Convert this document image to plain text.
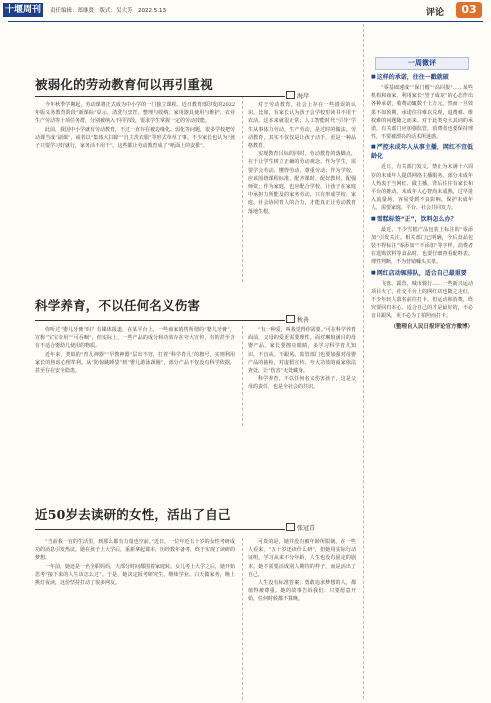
十堰周刊	责任编辑：郑继贤　版式：吴大芳　2022.5.13	评论	03
被弱化的劳动教育何以再引重视
海岸

今年秋季学期起，劳动课将正式成为中小学的一门独立课程。近日教育部印发的2022年版义务教育阶段“新课标”显示，清洗与烹饪、整理与收纳、家用器具使用与维护、农业生产劳动等十项任务群，分别被纳入不同学段，要求学生掌握一定的劳动技能。

此前，我国中小学就有劳动教育，不过一直存在被边缘化、弱化等问题，很多学校把劳动课当成“副课”，或者以“集体大扫除”“自主洗衣服”等形式草草了事。不少家长也认为“孩子只要学习好就行，家务活不用干”。这些都让劳动教育成了“纸面上的安排”。

对于劳动教育，社会上存在一些错误的认识。比如，有家长认为孩子会学校里读书不用干农活，这本来就很正常；人工智能时代“引导”学生从事体力劳动，生产劳动，是过时的做法。劳动教育，其实不仅仅是让孩子动手，更是一种品格教育。

实现教育目标的同时，劳动教育的落脚点，在于让学生树立正确的劳动观念。作为学生，需要学会劳动、懂得劳动、尊重劳动；作为学校，应该围绕课程标准，配齐课时、配好教材、配强师资；作为家庭，也应配合学校，让孩子在家庭中承担力所能及的家务劳动。只有形成学校、家庭、社会协同育人的合力，才能真正让劳动教育落地生根。

科学养育，不以任何名义伤害
秋善

你听过“婴儿牙膏”吗？有媒体报道，在某平台上，一些商家销售所谓的“婴儿牙膏”，宣称“宝宝专用”“可吞咽”，但实际上，一些产品的成分和功效存在夸大宣传，有的甚至含有不适合婴幼儿使用的物质。

近年来，类似的“育儿神器”“早教神器”层出不穷，打着“科学育儿”的旗号，实则利用家长的焦虑心理牟利。从“防惊跳睡袋”到“婴儿游泳颈圈”，部分产品不仅没有科学依据，甚至存在安全隐患。

“有一种爱，叫我觉得你需要。”可在科学养育面前，父母的爱更需要理性。面对琳琅满目的母婴产品，家长要擦亮眼睛，多学习科学育儿知识，不盲从、不跟风。监管部门也要加强对母婴产品的抽检，对虚假宣传、夸大功效的商家依法查处，让“伤害”无处藏身。

科学养育，不以任何名义伤害孩子，这是父母的责任，也是全社会的共识。

近50岁去读研的女性，活出了自己
张冠青

“当前我一官的生活里，到那么都有力量也空前。”近日，一位年近五十岁的女性考研成功的消息引发热议。她在孩子上大学后，重新拿起课本，历经数年备考，终于实现了读研的梦想。

一年前，她还是一名全职妈妈，大部分时间都围着家庭转。女儿考上大学之后，她开始思考“接下来的人生该怎么过”。于是，她决定报考研究生，继续学业。白天做家务，晚上挑灯夜读，这份坚持打动了很多网友。

可贵的是，她并没有被年龄所限制。在一些人看来，“五十岁还读什么研”，但她用实际行动证明，学习从来不分年龄，人生也没有固定的剧本。她不需要活成别人期待的样子，而是活出了自己。

人生没有标准答案，勇敢追求梦想的人，都值得被尊重。她的故事告诉我们：只要愿意开始，任何时候都不算晚。

一周微评
■ 这样的承诺，往往一戳就破

“零基础速成”“保门槛”“高回报”……某些机构和商家，利用家长“望子成龙”的心态作出各种承诺，收费动辄数千上万元。然而一旦效果不如预期，承诺往往难以兑现，退费难、维权难的问题随之而来。对于此类夸大其词的承诺，有关部门应加强监管，消费者也要保持理性，不要被漂亮的话术所迷惑。

■ 严控未成年人从事主播，网红不宜低龄化

近日，有关部门发文，禁止为未满十六周岁的未成年人提供网络主播服务。部分未成年人热衷于当网红、做主播，背后往往有家长和平台的推动。未成年人心智尚未成熟，过早进入流量场，容易受到不良影响。保护未成年人，需要家庭、平台、社会共同发力。

■ 雪糕标签“正”，饮料怎么办？

最近，不少雪糕产品包装上标注的“零添加”引发关注。相关部门已明确，今后食品包装不得标注“零添加”“不添加”等字样。消费者在选购饮料等食品时，也要仔细查看配料表，理性判断，不为营销噱头买单。

■ 网红店动辄排队，适合自己最重要

飞盘、露营、城市骑行……一些新兴运动项目火了，社交平台上的网红店也随之走红，不少年轻人慕名前往打卡。但运动和消费，终究要回归本心。适合自己的才是最好的，不必盲目跟风，更不必为了拍照而打卡。

（整理自人民日报评论官方微博）
